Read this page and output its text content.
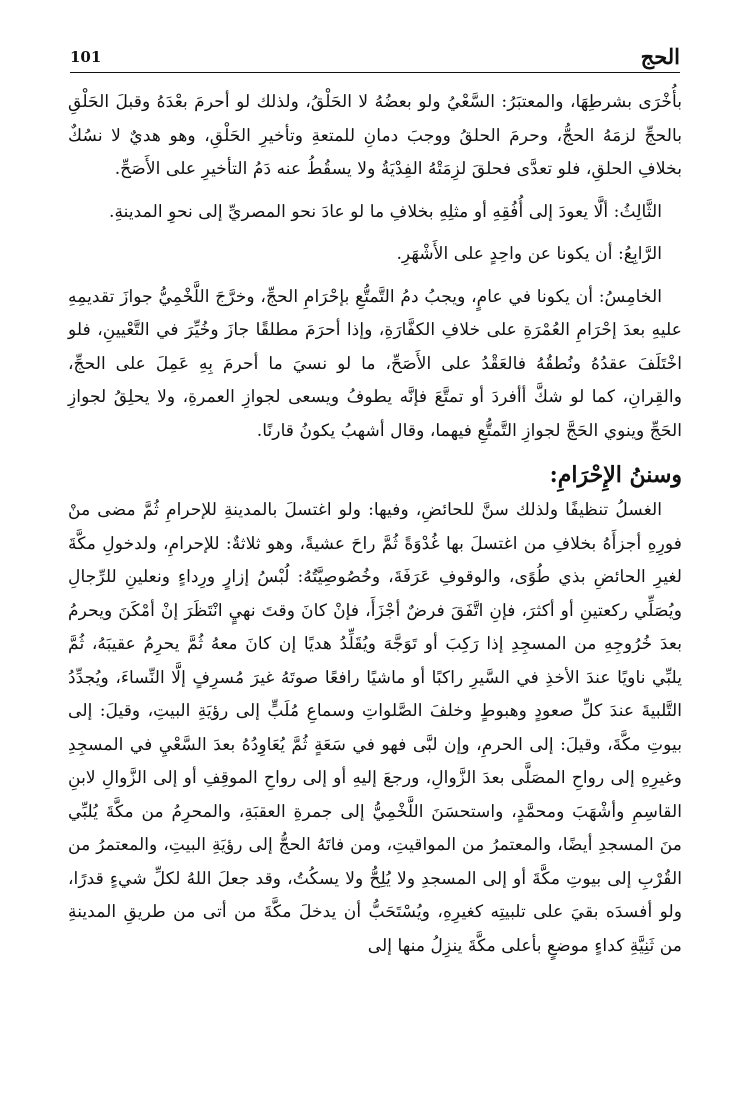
الحج
101

بأُخْرَى بشرطِهَا، والمعتبَرُ: السَّعْيُ ولو بعضُهُ لا الحَلْقُ، ولذلك لو أحرمَ بعْدَهُ وقبلَ الحَلْقِ بالحجِّ لزمَهُ الحجُّ، وحرمَ الحلقُ ووجبَ دمانِ للمتعةِ وتأخيرِ الحَلْقِ، وهو هديٌ لا نسُكٌ بخلافِ الحلقِ، فلو تعدَّى فحلقَ لزِمَتْهُ الفِدْيَةُ ولا يسقُطُ عنه دَمُ التأخيرِ على الأَصَحِّ.

الثَّالِثُ: ألَّا يعودَ إلى أُفُقِهِ أو مثلِهِ بخلافِ ما لو عادَ نحو المصريِّ إلى نحوِ المدينةِ.

الرَّابِعُ: أن يكونا عن واحِدٍ على الأَشْهَرِ.

الخامِسُ: أن يكونا في عامٍ، ويجبُ دمُ التَّمتُّعِ بإحْرَامِ الحجِّ، وخرَّجَ اللَّخْمِيُّ جوازَ تقديمِهِ عليهِ بعدَ إحْرَامِ العُمْرَةِ على خلافِ الكفَّارَةِ، وإذا أحرَمَ مطلقًا جازَ وخُيِّرَ في التَّعْيينِ، فلو اخْتَلَفَ عقدُهُ ونُطقُهُ فالعَقْدُ على الأَصَحِّ، ما لو نسيَ ما أحرمَ بِهِ عَمِلَ على الحجِّ، والقِرانِ، كما لو شكَّ أأفردَ أو تمتَّعَ فإنَّه يطوفُ ويسعى لجوازِ العمرةِ، ولا يحلِقُ لجوازِ الحَجِّ وينوي الحَجَّ لجوازِ التَّمتُّعِ فيهما، وقال أشهبُ يكونُ قارنًا.

وسننُ الإِحْرَامِ:

الغسلُ تنظيفًا ولذلك سنَّ للحائضِ، وفيها: ولو اغتسلَ بالمدينةِ للإحرامِ ثُمَّ مضى منْ فورِهِ أجزأَهُ بخلافِ من اغتسلَ بها غُدْوَةً ثُمَّ راحَ عشيةً، وهو ثلاثةٌ: للإحرامِ، ولدخولِ مكَّةَ لغيرِ الحائضِ بذي طُوًى، والوقوفِ عَرَفَةَ، وخُصُوصِيَّتُهُ: لُبْسُ إزارٍ ورِداءٍ ونعلينِ للرِّجالِ ويُصَلِّي ركعتينِ أو أكثرَ، فإنِ اتَّفَقَ فرضٌ أجْزَأَ، فإنْ كانَ وقتَ نهيٍ انْتَظَرَ إنْ أمْكَنَ ويحرمُ بعدَ خُرُوجِهِ من المسجِدِ إذا رَكِبَ أو تَوَجَّهَ ويُقَلِّدُ هديًا إن كانَ معهُ ثُمَّ يحرِمُ عقيبَهُ، ثُمَّ يلبِّي ناويًا عندَ الأخذِ في السَّيرِ راكبًا أو ماشيًا رافعًا صوتَهُ غيرَ مُسرِفٍ إلَّا النِّساءَ، ويُجدِّدُ التَّلبيةَ عندَ كلِّ صعودٍ وهبوطٍ وخلفَ الصَّلواتِ وسماعِ مُلَبٍّ إلى رؤيَةِ البيتِ، وقيلَ: إلى بيوتِ مكَّةَ، وقيلَ: إلى الحرمِ، وإن لبَّى فهو في سَعَةٍ ثُمَّ يُعَاوِدُهُ بعدَ السَّعْيِ في المسجِدِ وغيرِهِ إلى رواحِ المصَلَّى بعدَ الزَّوالِ، ورجعَ إليهِ أو إلى رواحِ الموقِفِ أو إلى الزَّوالِ لابنِ القاسِمِ وأشْهَبَ ومحمَّدٍ، واستحسَنَ اللَّخْمِيُّ إلى جمرةِ العقبَةِ، والمحرِمُ من مكَّةَ يُلبِّي منَ المسجدِ أيضًا، والمعتمرُ من المواقيتِ، ومن فاتَهُ الحجُّ إلى رؤيَةِ البيتِ، والمعتمرُ من القُرْبِ إلى بيوتِ مكَّةَ أو إلى المسجدِ ولا يُلِحُّ ولا يسكُتُ، وقد جعلَ اللهُ لكلِّ شيءٍ قدرًا، ولو أفسدَه بقيَ على تلبيتِه كغيرِهِ، ويُسْتَحَبُّ أن يدخلَ مكَّةَ من أتى من طريقِ المدينةِ من ثَنِيَّةِ كداءٍ موضعٍ بأعلى مكَّةَ ينزِلُ منها إلى
